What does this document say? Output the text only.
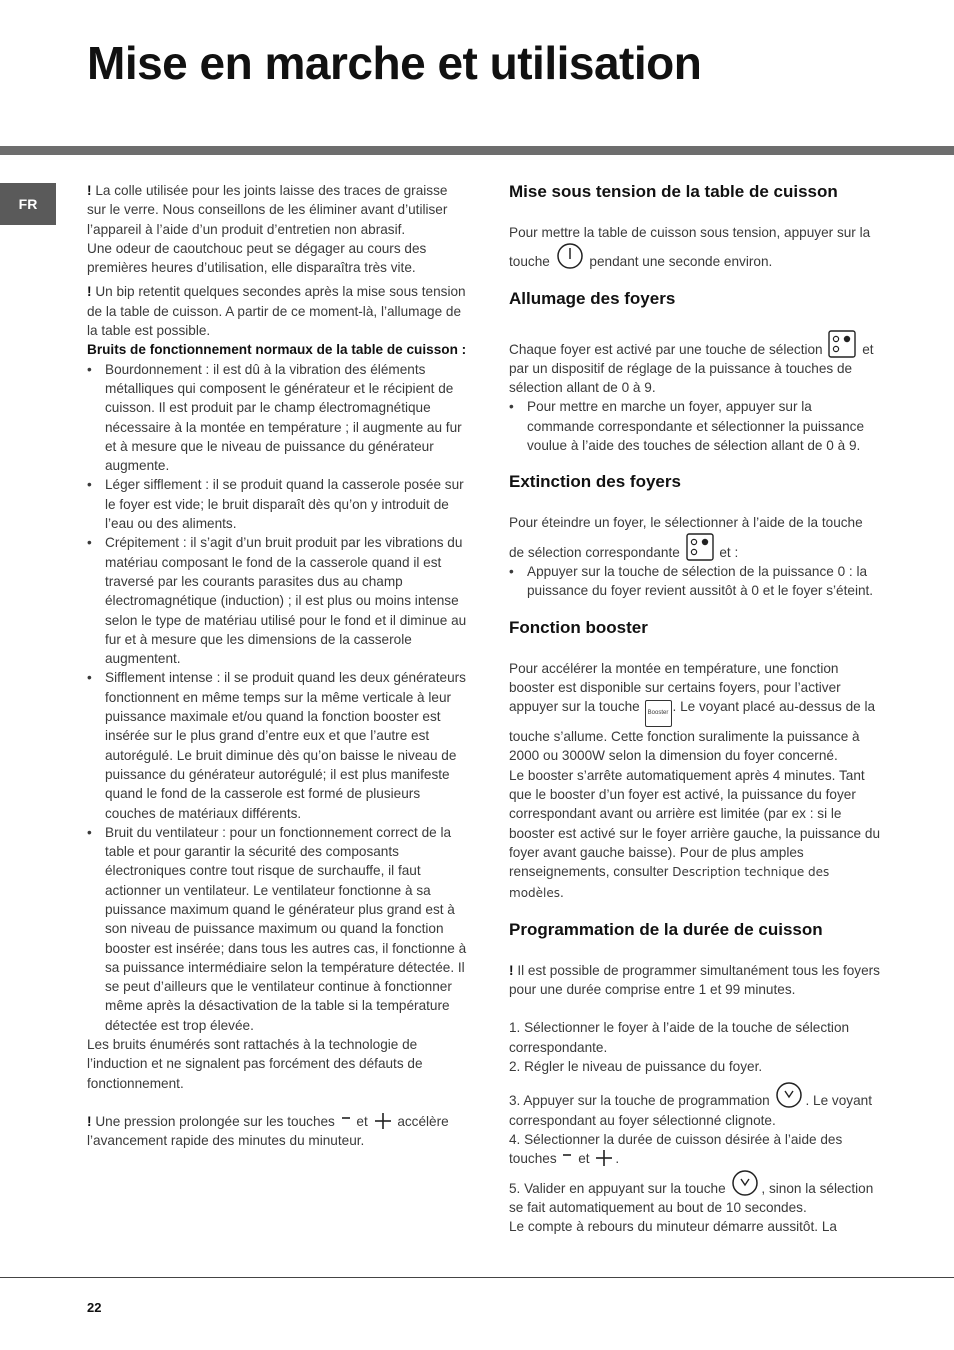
Mise en marche et utilisation
FR

! La colle utilisée pour les joints laisse des traces de graisse sur le verre. Nous conseillons de les éliminer avant d’utiliser l’appareil à l’aide d’un produit d’entretien non abrasif.

Une odeur de caoutchouc peut se dégager au cours des premières heures d’utilisation, elle disparaîtra très vite.

! Un bip retentit quelques secondes après la mise sous tension de la table de cuisson. A partir de ce moment-là, l’allumage de la table est possible.

Bruits de fonctionnement normaux de la table de cuisson :

• Bourdonnement : il est dû à la vibration des éléments métalliques qui composent le générateur et le récipient de cuisson. Il est produit par le champ électromagnétique nécessaire à la montée en température ; il augmente au fur et à mesure que le niveau de puissance du générateur augmente.
• Léger sifflement : il se produit quand la casserole posée sur le foyer est vide; le bruit disparaît dès qu’on y introduit de l’eau ou des aliments.
• Crépitement : il s’agit d’un bruit produit par les vibrations du matériau composant le fond de la casserole quand il est traversé par les courants parasites dus au champ électromagnétique (induction) ; il est plus ou moins intense selon le type de matériau utilisé pour le fond et il diminue au fur et à mesure que les dimensions de la casserole augmentent.
• Sifflement intense : il se produit quand les deux générateurs fonctionnent en même temps sur la même verticale à leur puissance maximale et/ou quand la fonction booster est insérée sur le plus grand d’entre eux et que l’autre est autorégulé. Le bruit diminue dès qu’on baisse le niveau de puissance du générateur autorégulé; il est plus manifeste quand le fond de la casserole est formé de plusieurs couches de matériaux différents.
• Bruit du ventilateur : pour un fonctionnement correct de la table et pour garantir la sécurité des composants électroniques contre tout risque de surchauffe, il faut actionner un ventilateur. Le ventilateur fonctionne à sa puissance maximum quand le générateur plus grand est à son niveau de puissance maximum ou quand la fonction booster est insérée; dans tous les autres cas, il fonctionne à sa puissance intermédiaire selon la température détectée. Il se peut d’ailleurs que le ventilateur continue à fonctionner même après la désactivation de la table si la température détectée est trop élevée.

Les bruits énumérés sont rattachés à la technologie de l’induction et ne signalent pas forcément des défauts de fonctionnement.

! Une pression prolongée sur les touches et accélère l’avancement rapide des minutes du minuteur.

Mise sous tension de la table de cuisson

Pour mettre la table de cuisson sous tension, appuyer sur la touche	pendant une seconde environ.

Allumage des foyers

Chaque foyer est activé par une touche de sélection	et par un dispositif de réglage de la puissance à touches de sélection allant de 0 à 9.

• Pour mettre en marche un foyer, appuyer sur la commande correspondante et sélectionner la puissance voulue à l’aide des touches de sélection allant de 0 à 9.
Extinction des foyers

Pour éteindre un foyer, le sélectionner à l’aide de la touche de sélection correspondante	et :

• Appuyer sur la touche de sélection de la puissance 0 : la puissance du foyer revient aussitôt à 0 et le foyer s’éteint.
Fonction booster

Pour accélérer la montée en température, une fonction booster est disponible sur certains foyers, pour l’activer appuyer sur la touche Booster . Le voyant placé au-dessus de la touche s’allume. Cette fonction suralimente la puissance à 2000 ou 3000W selon la dimension du foyer concerné.

Le booster s’arrête automatiquement après 4 minutes. Tant que le booster d’un foyer est activé, la puissance du foyer correspondant avant ou arrière est limitée (par ex : si le booster est activé sur le foyer arrière gauche, la puissance du foyer avant gauche baisse). Pour de plus amples renseignements, consulter Description technique des modèles.

Programmation de la durée de cuisson

! Il est possible de programmer simultanément tous les foyers pour une durée comprise entre 1 et 99 minutes.

1. Sélectionner le foyer à l’aide de la touche de sélection correspondante.

2. Régler le niveau de puissance du foyer.

3. Appuyer sur la touche de programmation	. Le voyant correspondant au foyer sélectionné clignote.

4. Sélectionner la durée de cuisson désirée à l’aide des touches et .

5. Valider en appuyant sur la touche	, sinon la sélection se fait automatiquement au bout de 10 secondes.

Le compte à rebours du minuteur démarre aussitôt. La

22
